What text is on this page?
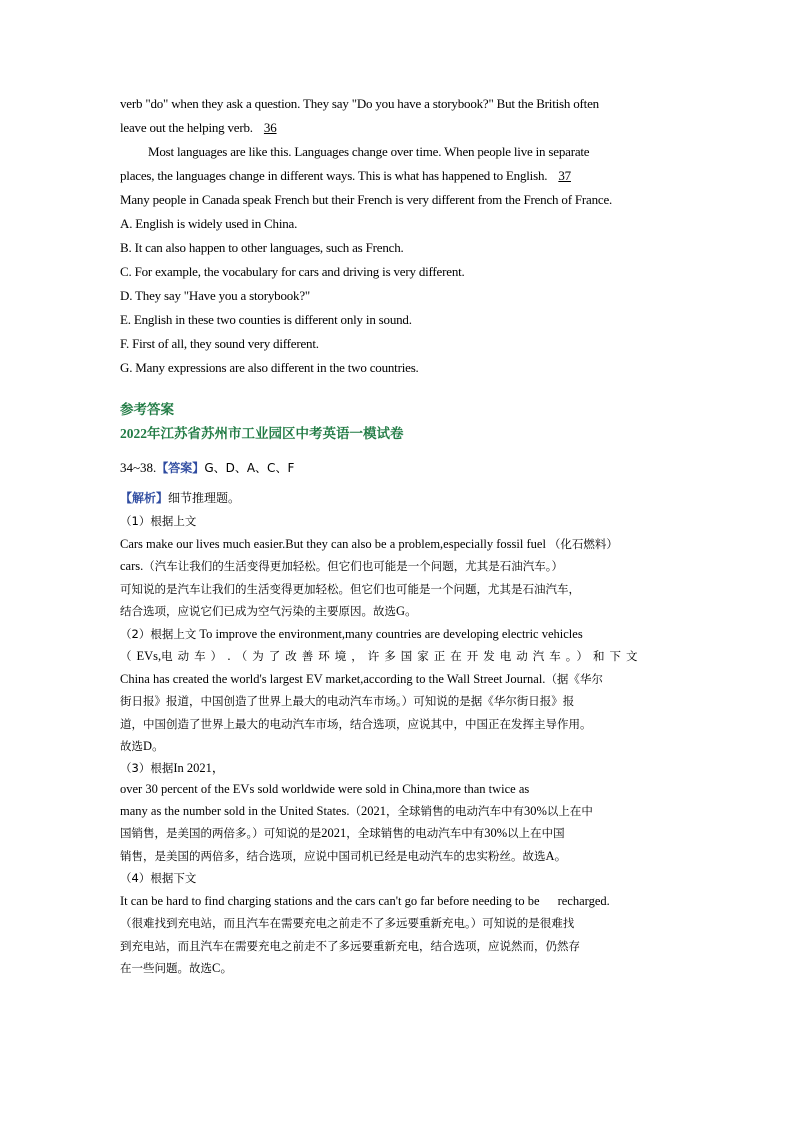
verb "do" when they ask a question. They say "Do you have a storybook?" But the British often
leave out the helping verb. 36
Most languages are like this. Languages change over time. When people live in separate
places, the languages change in different ways. This is what has happened to English. 37
Many people in Canada speak French but their French is very different from the French of France.
A. English is widely used in China.
B. It can also happen to other languages, such as French.
C. For example, the vocabulary for cars and driving is very different.
D. They say "Have you a storybook?"
E. English in these two counties is different only in sound.
F. First of all, they sound very different.
G. Many expressions are also different in the two countries.
参考答案
2022年江苏省苏州市工业园区中考英语一模试卷
34~38.【答案】G、D、A、C、F
【解析】细节推理题。
（1）根据上文
Cars make our lives much easier.But they can also be a problem,especially fossil fuel （化石燃料）
cars.（汽车让我们的生活变得更加轻松。但它们也可能是一个问题，尤其是石油汽车。）
可知说的是汽车让我们的生活变得更加轻松。但它们也可能是一个问题，尤其是石油汽车，
结合选项，应说它们已成为空气污染的主要原因。故选G。
（2）根据上文 To improve the environment,many countries are developing electric vehicles
（EVs,电动车）.（为了改善环境，许多国家正在开发电动汽车。）和下文
China has created the world's largest EV market,according to the Wall Street Journal.（据《华尔
街日报》报道，中国创造了世界上最大的电动汽车市场。）可知说的是据《华尔街日报》报
道，中国创造了世界上最大的电动汽车市场，结合选项，应说其中，中国正在发挥主导作用。
故选D。
（3）根据In 2021，
over 30 percent of the EVs sold worldwide were sold in China,more than twice as
many as the number sold in the United States.（2021，全球销售的电动汽车中有30%以上在中
国销售，是美国的两倍多。）可知说的是2021，全球销售的电动汽车中有30%以上在中国
销售，是美国的两倍多，结合选项，应说中国司机已经是电动汽车的忠实粉丝。故选A。
（4）根据下文
It can be hard to find charging stations and the cars can't go far before needing to be recharged.
（很难找到充电站，而且汽车在需要充电之前走不了多远要重新充电。）可知说的是很难找
到充电站，而且汽车在需要充电之前走不了多远要重新充电，结合选项，应说然而，仍然存
在一些问题。故选C。
